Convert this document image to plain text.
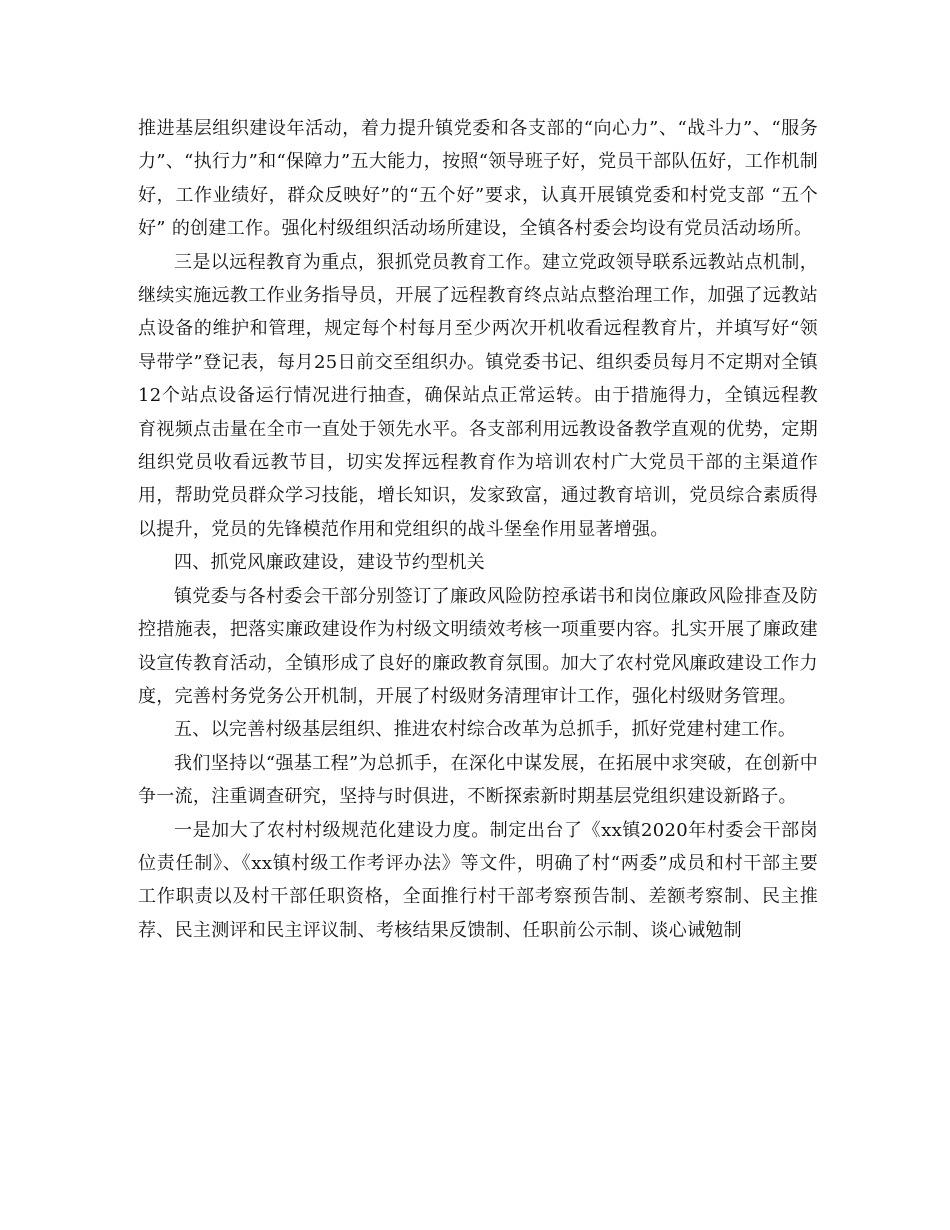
推进基层组织建设年活动，着力提升镇党委和各支部的“向心力”、“战斗力”、“服务力”、“执行力”和“保障力”五大能力，按照“领导班子好，党员干部队伍好，工作机制好，工作业绩好，群众反映好”的“五个好”要求，认真开展镇党委和村党支部 “五个好” 的创建工作。强化村级组织活动场所建设，全镇各村委会均设有党员活动场所。

三是以远程教育为重点，狠抓党员教育工作。建立党政领导联系远教站点机制，继续实施远教工作业务指导员，开展了远程教育终点站点整治理工作，加强了远教站点设备的维护和管理，规定每个村每月至少两次开机收看远程教育片，并填写好“领导带学”登记表，每月25日前交至组织办。镇党委书记、组织委员每月不定期对全镇12个站点设备运行情况进行抽查，确保站点正常运转。由于措施得力，全镇远程教育视频点击量在全市一直处于领先水平。各支部利用远教设备教学直观的优势，定期组织党员收看远教节目，切实发挥远程教育作为培训农村广大党员干部的主渠道作用，帮助党员群众学习技能，增长知识，发家致富，通过教育培训，党员综合素质得以提升，党员的先锋模范作用和党组织的战斗堡垒作用显著增强。

四、抓党风廉政建设，建设节约型机关

镇党委与各村委会干部分别签订了廉政风险防控承诺书和岗位廉政风险排查及防控措施表，把落实廉政建设作为村级文明绩效考核一项重要内容。扎实开展了廉政建设宣传教育活动，全镇形成了良好的廉政教育氛围。加大了农村党风廉政建设工作力度，完善村务党务公开机制，开展了村级财务清理审计工作，强化村级财务管理。

五、以完善村级基层组织、推进农村综合改革为总抓手，抓好党建村建工作。

我们坚持以“强基工程”为总抓手，在深化中谋发展，在拓展中求突破，在创新中争一流，注重调查研究，坚持与时俱进，不断探索新时期基层党组织建设新路子。

一是加大了农村村级规范化建设力度。制定出台了《xx镇2020年村委会干部岗位责任制》、《xx镇村级工作考评办法》等文件，明确了村“两委”成员和村干部主要工作职责以及村干部任职资格，全面推行村干部考察预告制、差额考察制、民主推荐、民主测评和民主评议制、考核结果反馈制、任职前公示制、谈心诫勉制
